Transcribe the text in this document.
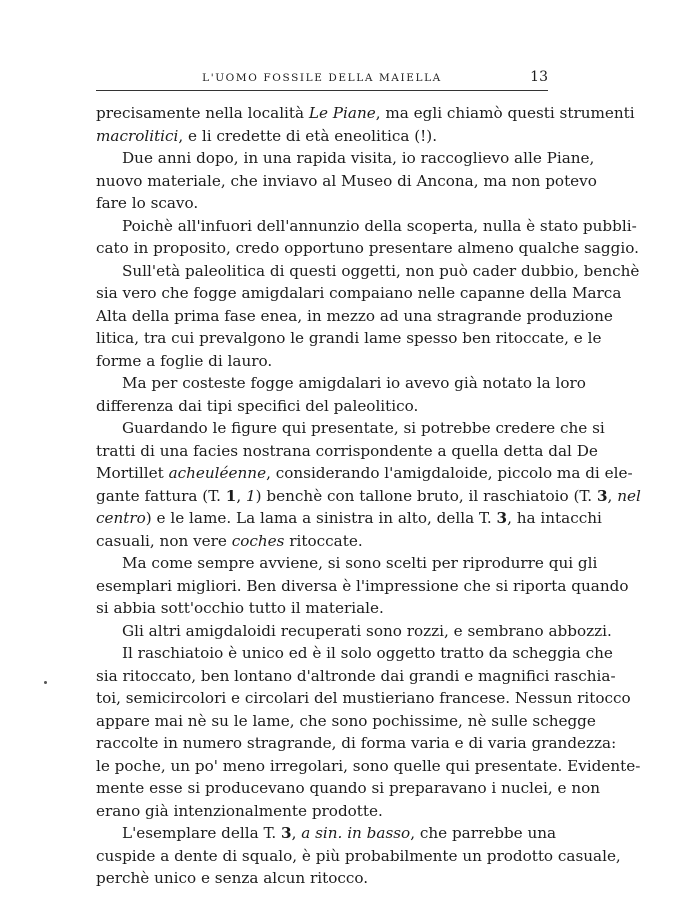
L'UOMO FOSSILE DELLA MAIELLA	13
precisamente nella località Le Piane, ma egli chiamò questi strumenti
macrolitici, e li credette di età eneolitica (!).
Due anni dopo, in una rapida visita, io raccoglievo alle Piane,
nuovo materiale, che inviavo al Museo di Ancona, ma non potevo
fare lo scavo.
Poichè all'infuori dell'annunzio della scoperta, nulla è stato pubbli-
cato in proposito, credo opportuno presentare almeno qualche saggio.
Sull'età paleolitica di questi oggetti, non può cader dubbio, benchè
sia vero che fogge amigdalari compaiano nelle capanne della Marca
Alta della prima fase enea, in mezzo ad una stragrande produzione
litica, tra cui prevalgono le grandi lame spesso ben ritoccate, e le
forme a foglie di lauro.
Ma per costeste fogge amigdalari io avevo già notato la loro
differenza dai tipi specifici del paleolitico.
Guardando le figure qui presentate, si potrebbe credere che si
tratti di una facies nostrana corrispondente a quella detta dal De
Mortillet acheuléenne, considerando l'amigdaloide, piccolo ma di ele-
gante fattura (T. 1, 1) benchè con tallone bruto, il raschiatoio (T. 3, nel
centro) e le lame. La lama a sinistra in alto, della T. 3, ha intacchi
casuali, non vere coches ritoccate.
Ma come sempre avviene, si sono scelti per riprodurre qui gli
esemplari migliori. Ben diversa è l'impressione che si riporta quando
si abbia sott'occhio tutto il materiale.
Gli altri amigdaloidi recuperati sono rozzi, e sembrano abbozzi.
Il raschiatoio è unico ed è il solo oggetto tratto da scheggia che
sia ritoccato, ben lontano d'altronde dai grandi e magnifici raschia-
toi, semicircolori e circolari del mustieriano francese. Nessun ritocco
appare mai nè su le lame, che sono pochissime, nè sulle schegge
raccolte in numero stragrande, di forma varia e di varia grandezza:
le poche, un po' meno irregolari, sono quelle qui presentate. Evidente-
mente esse si producevano quando si preparavano i nuclei, e non
erano già intenzionalmente prodotte.
L'esemplare della T. 3, a sin. in basso, che parrebbe una
cuspide a dente di squalo, è più probabilmente un prodotto casuale,
perchè unico e senza alcun ritocco.
